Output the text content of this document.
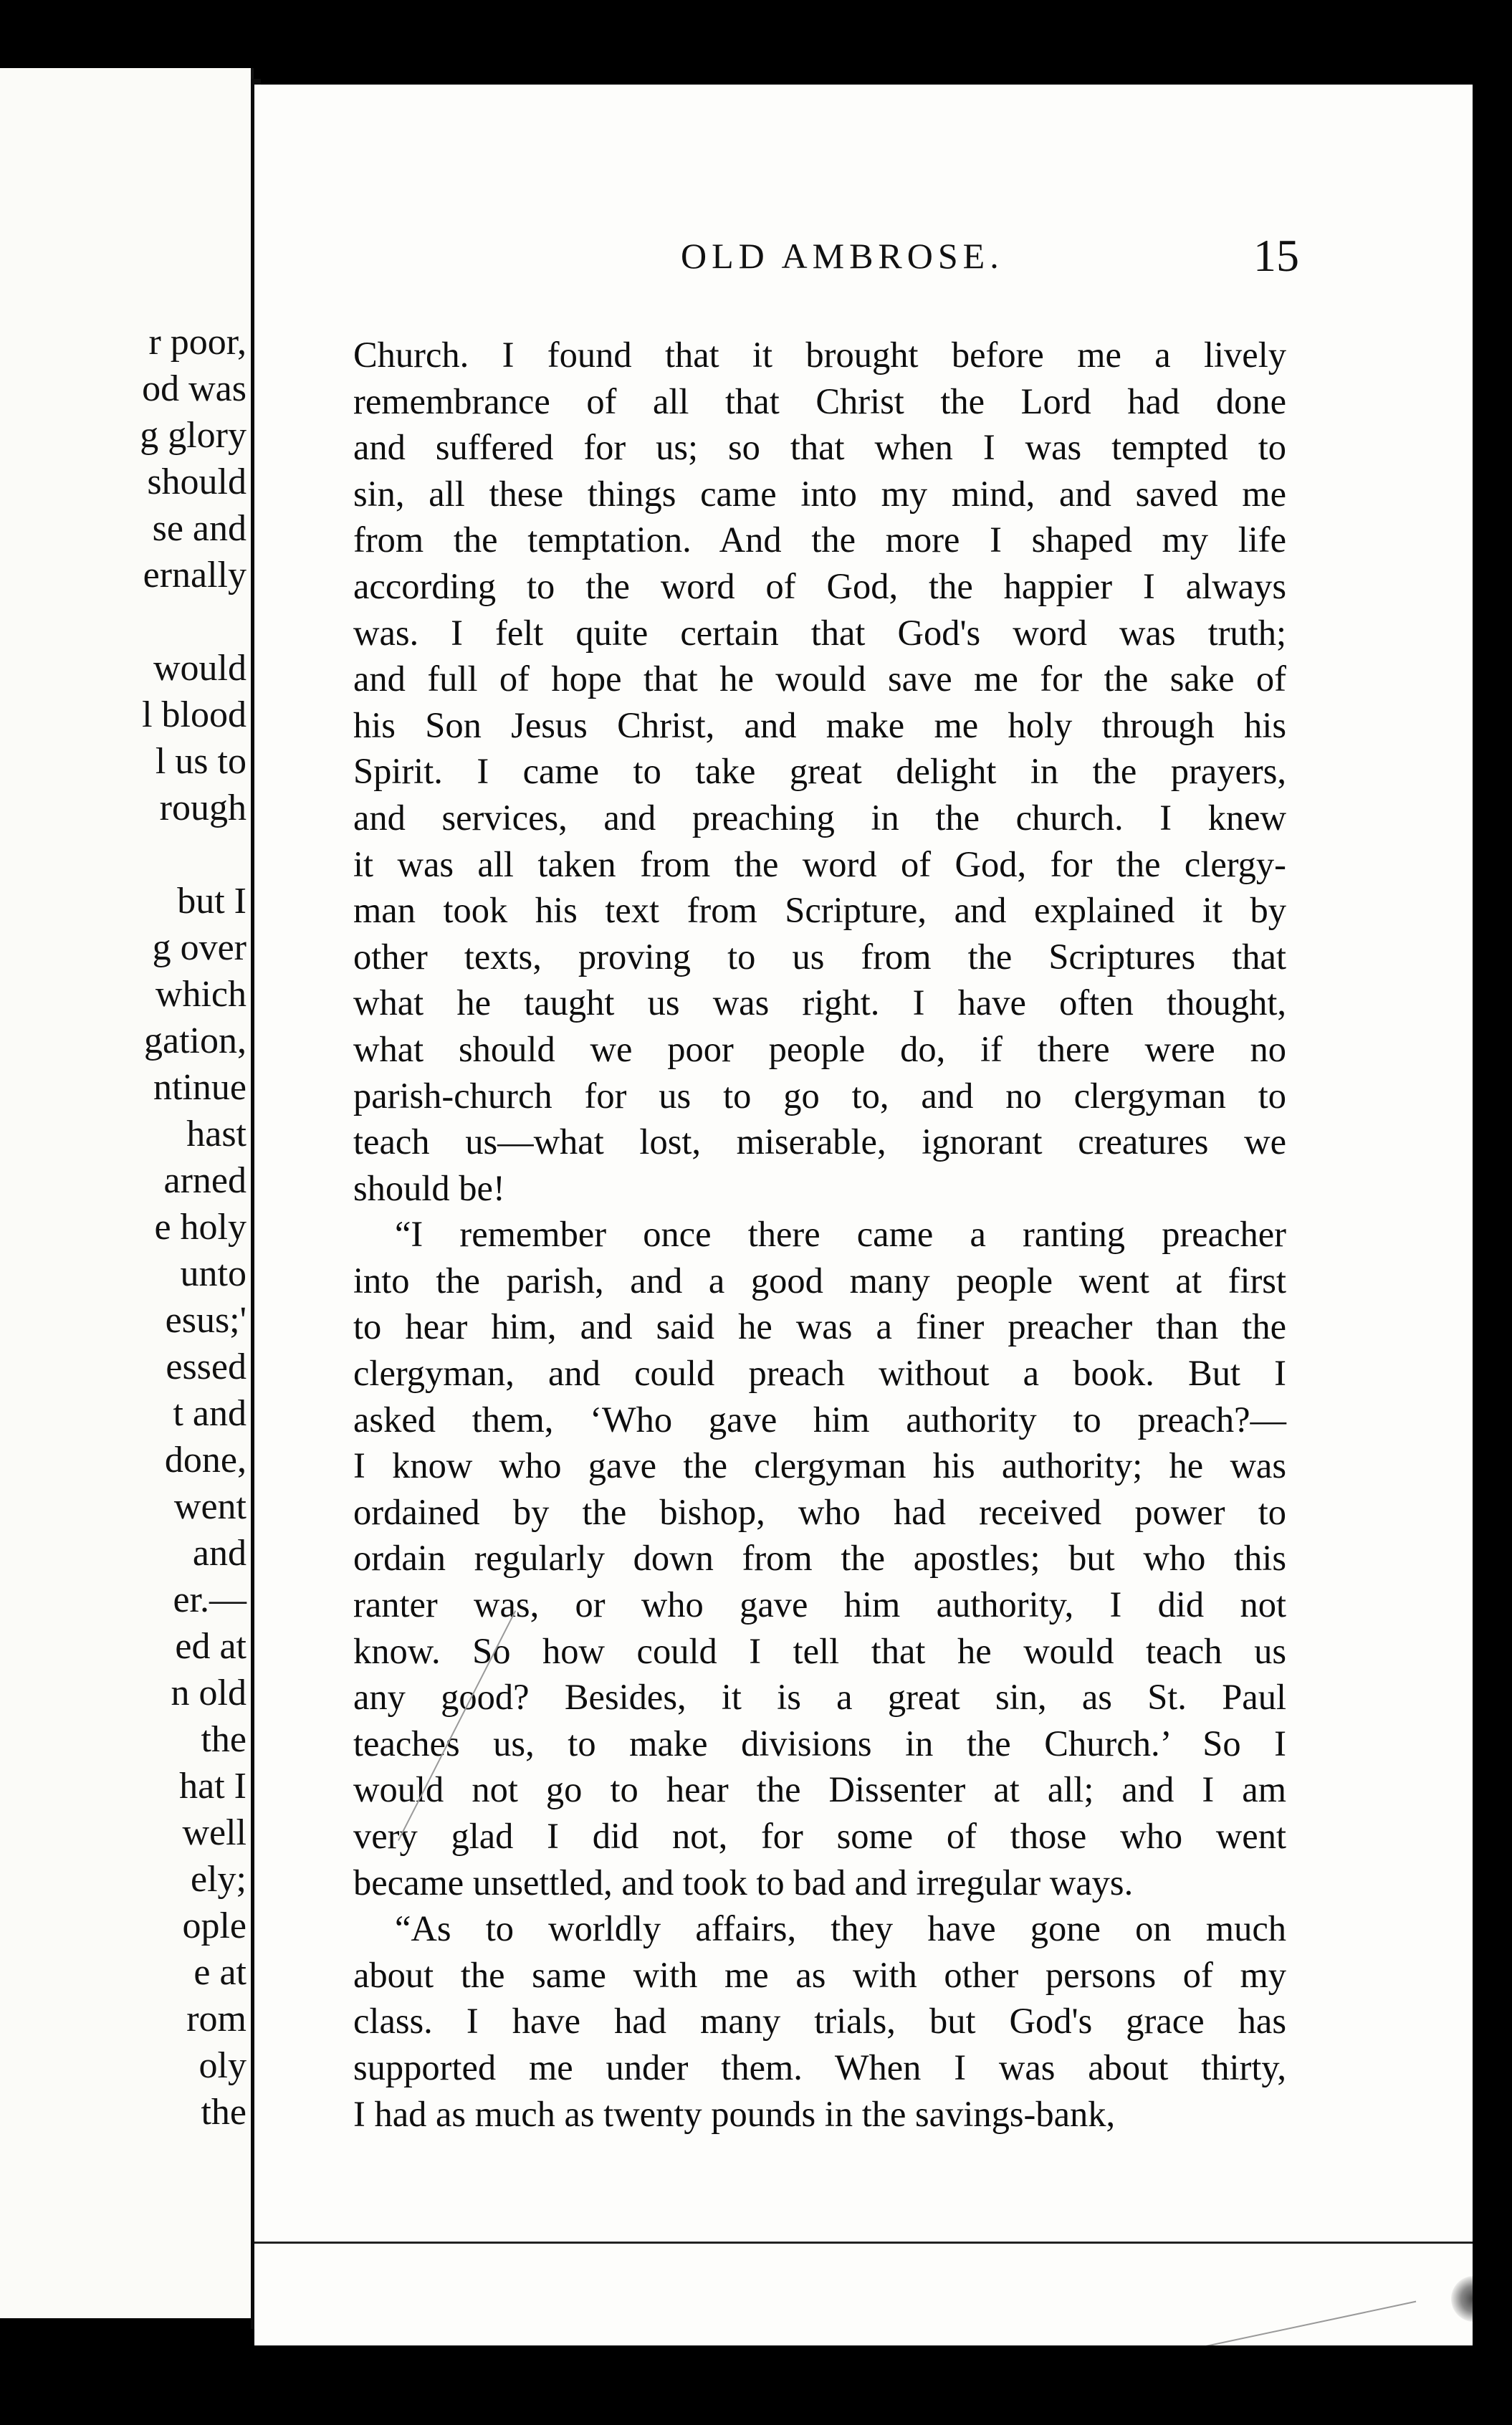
r poor,
od was
g glory
should
se and
ernally
would
l blood
l us to
rough
but I
g over
which
gation,
ntinue
hast
arned
e holy
unto
esus;'
essed
t and
done,
went
and
er.—
ed at
n old
the
hat I
well
ely;
ople
e at
rom
oly
the
OLD AMBROSE.	15

Church. I found that it brought before me a lively
remembrance of all that Christ the Lord had done
and suffered for us; so that when I was tempted to
sin, all these things came into my mind, and saved me
from the temptation. And the more I shaped my life
according to the word of God, the happier I always
was. I felt quite certain that God's word was truth;
and full of hope that he would save me for the sake of
his Son Jesus Christ, and make me holy through his
Spirit. I came to take great delight in the prayers,
and services, and preaching in the church. I knew
it was all taken from the word of God, for the clergy-
man took his text from Scripture, and explained it by
other texts, proving to us from the Scriptures that
what he taught us was right. I have often thought,
what should we poor people do, if there were no
parish-church for us to go to, and no clergyman to
teach us—what lost, miserable, ignorant creatures we
should be!

“I remember once there came a ranting preacher
into the parish, and a good many people went at first
to hear him, and said he was a finer preacher than the
clergyman, and could preach without a book. But I
asked them, ‘Who gave him authority to preach?—
I know who gave the clergyman his authority; he was
ordained by the bishop, who had received power to
ordain regularly down from the apostles; but who this
ranter was, or who gave him authority, I did not
know. So how could I tell that he would teach us
any good? Besides, it is a great sin, as St. Paul
teaches us, to make divisions in the Church.’ So I
would not go to hear the Dissenter at all; and I am
very glad I did not, for some of those who went
became unsettled, and took to bad and irregular ways.

“As to worldly affairs, they have gone on much
about the same with me as with other persons of my
class. I have had many trials, but God's grace has
supported me under them. When I was about thirty,
I had as much as twenty pounds in the savings-bank,
